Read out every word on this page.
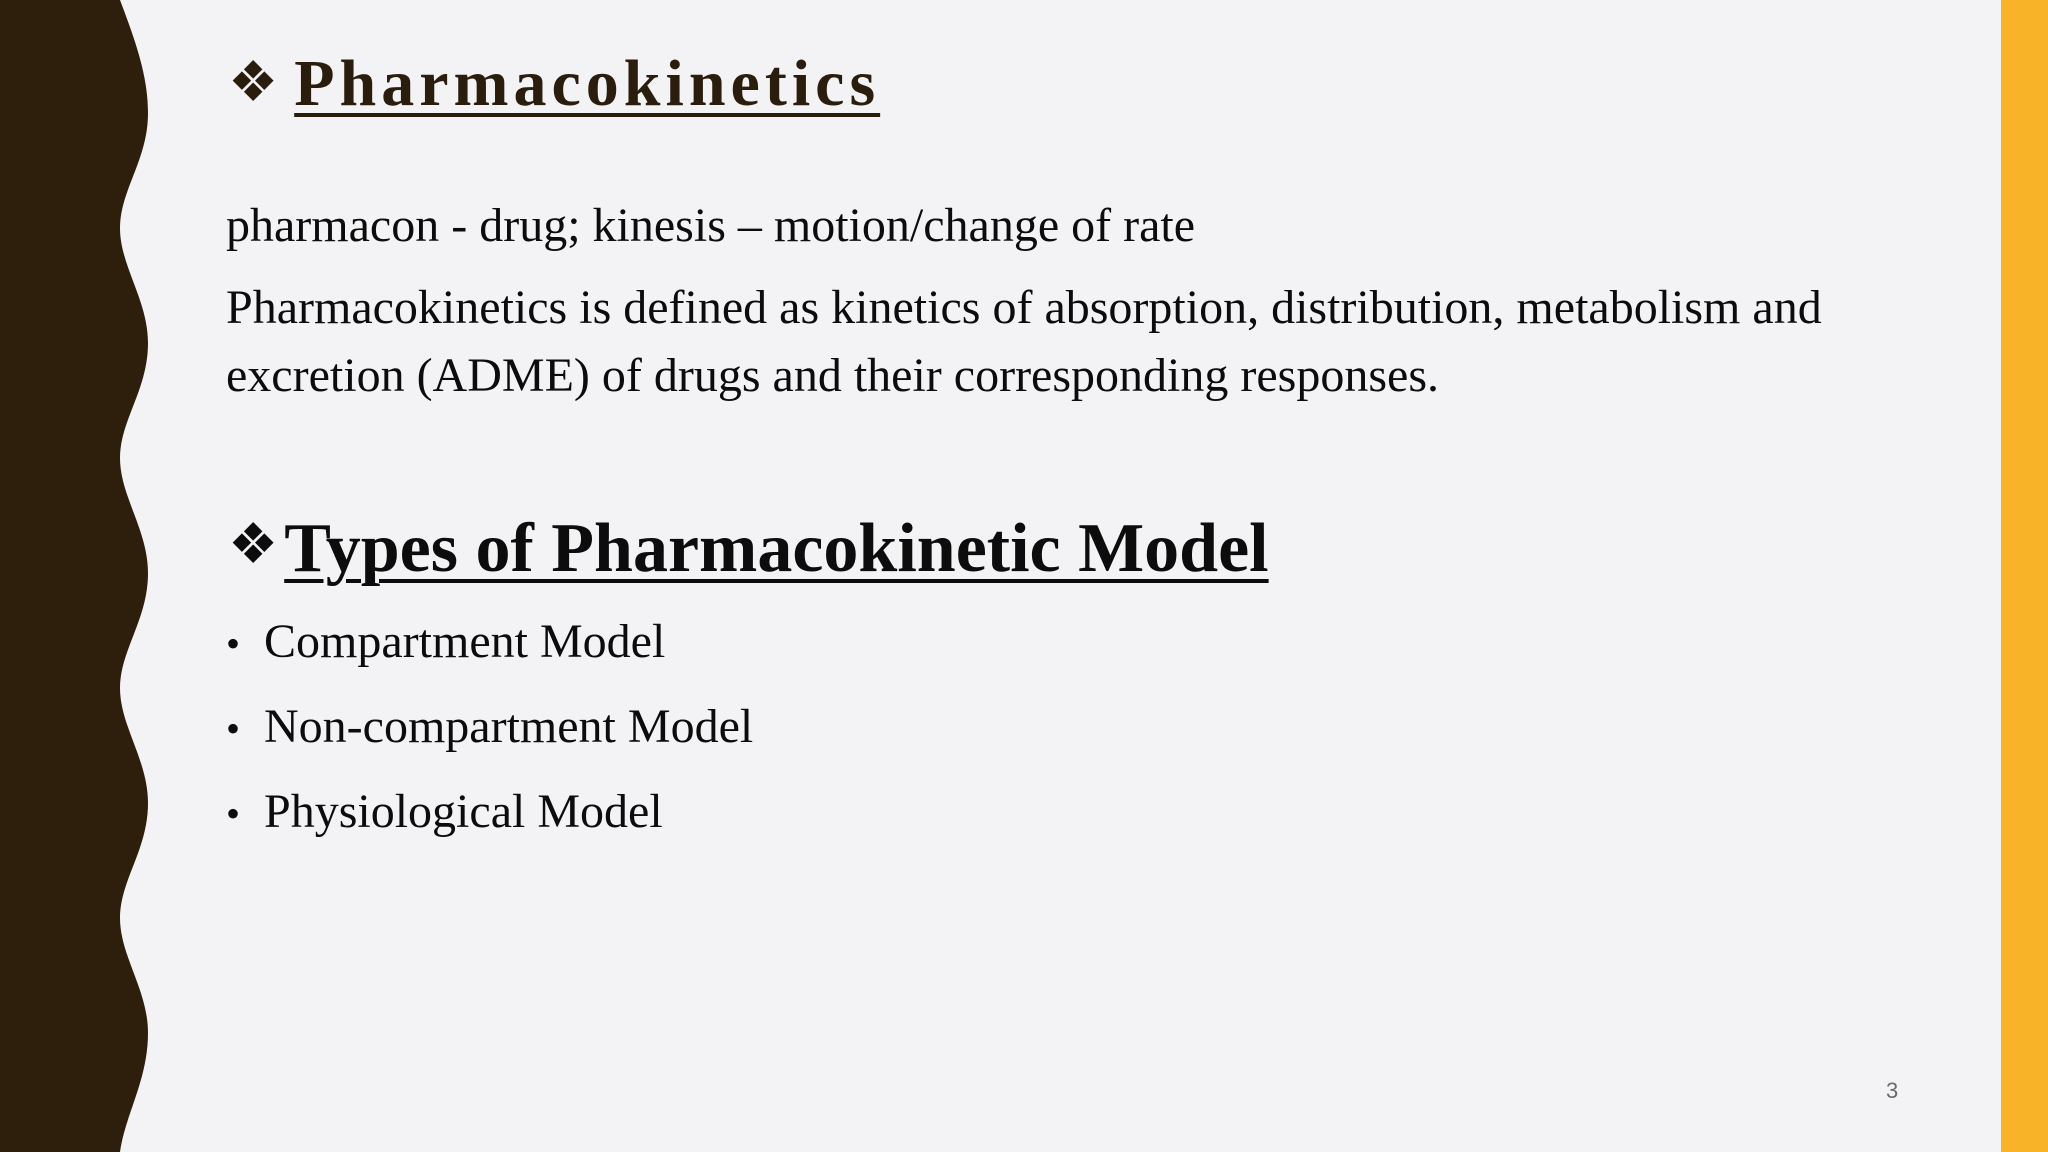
❖ Pharmacokinetics

pharmacon - drug; kinesis – motion/change of rate

Pharmacokinetics is defined as kinetics of absorption, distribution, metabolism and excretion (ADME) of drugs and their corresponding responses.

❖ Types of Pharmacokinetic Model
• Compartment Model
• Non-compartment Model
• Physiological Model
3
